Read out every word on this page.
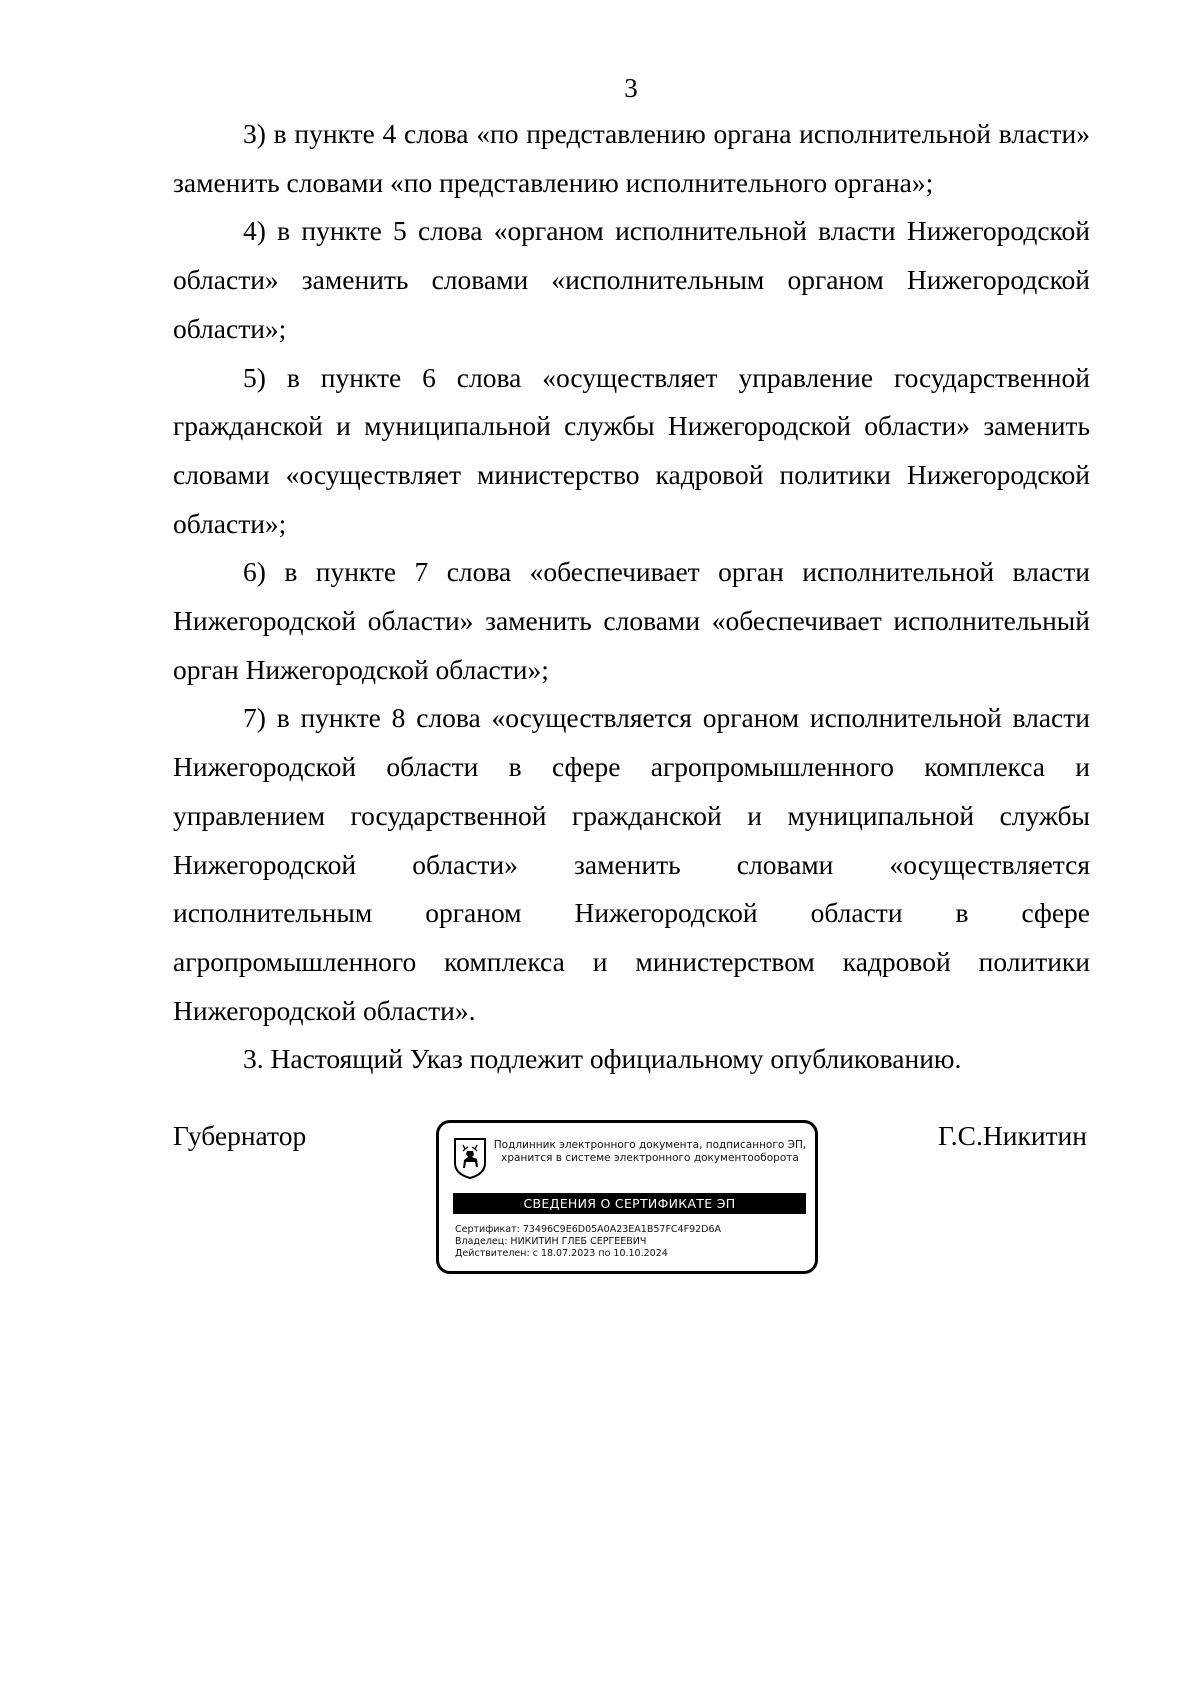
3

3) в пункте 4 слова «по представлению органа исполнительной власти» заменить словами «по представлению исполнительного органа»;

4) в пункте 5 слова «органом исполнительной власти Нижегородской области» заменить словами «исполнительным органом Нижегородской области»;

5) в пункте 6 слова «осуществляет управление государственной гражданской и муниципальной службы Нижегородской области» заменить словами «осуществляет министерство кадровой политики Нижегородской области»;

6) в пункте 7 слова «обеспечивает орган исполнительной власти Нижегородской области» заменить словами «обеспечивает исполнительный орган Нижегородской области»;

7) в пункте 8 слова «осуществляется органом исполнительной власти Нижегородской области в сфере агропромышленного комплекса и управлением государственной гражданской и муниципальной службы Нижегородской области» заменить словами «осуществляется исполнительным органом Нижегородской области в сфере агропромышленного комплекса и министерством кадровой политики Нижегородской области».

3. Настоящий Указ подлежит официальному опубликованию.

Губернатор	Г.С.Никитин
Подлинник электронного документа, подписанного ЭП,
хранится в системе электронного документооборота
СВЕДЕНИЯ О СЕРТИФИКАТЕ ЭП
Сертификат: 73496C9E6D05A0A23EA1B57FC4F92D6A
Владелец: НИКИТИН ГЛЕБ СЕРГЕЕВИЧ
Действителен: с 18.07.2023 по 10.10.2024
